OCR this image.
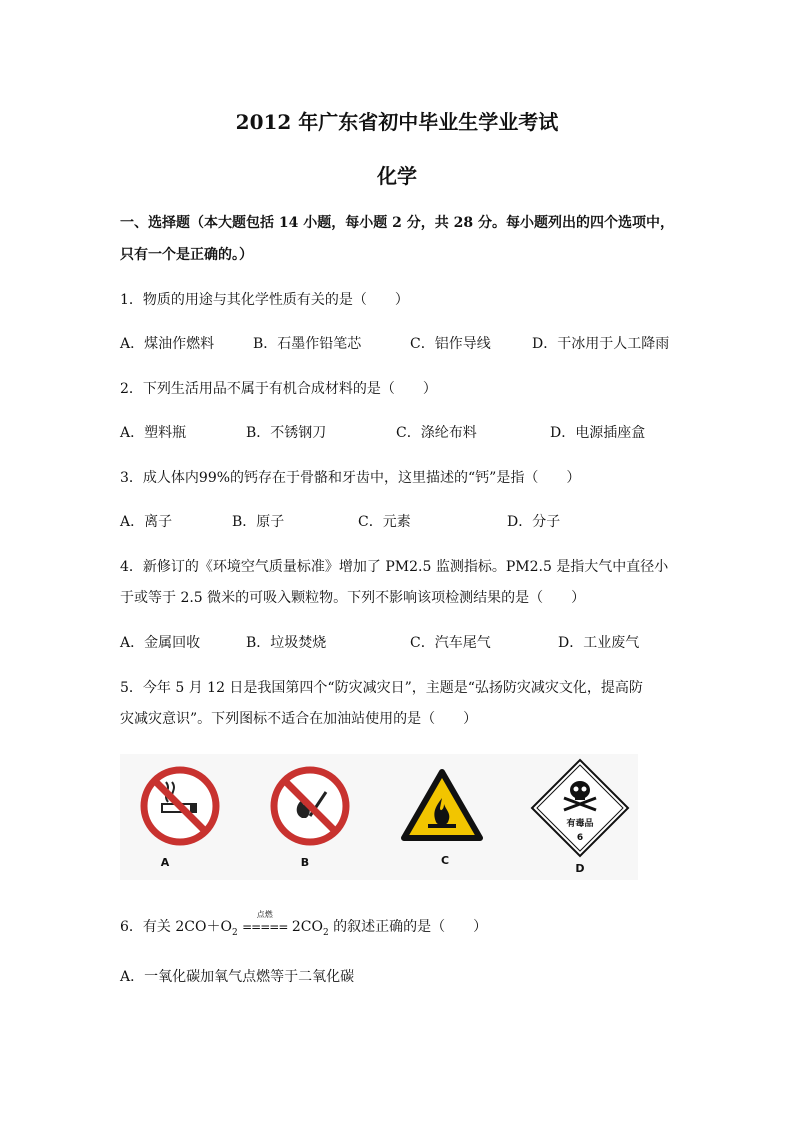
2012 年广东省初中毕业生学业考试
化学
一、选择题（本大题包括 14 小题，每小题 2 分，共 28 分。每小题列出的四个选项中，
只有一个是正确的。）
1．物质的用途与其化学性质有关的是（　　）
A．煤油作燃料	B．石墨作铅笔芯	C．铝作导线	D．干冰用于人工降雨
2．下列生活用品不属于有机合成材料的是（　　）
A．塑料瓶	B．不锈钢刀	C．涤纶布料	D．电源插座盒
3．成人体内99%的钙存在于骨骼和牙齿中，这里描述的“钙”是指（　　）
A．离子	B．原子	C．元素	D．分子
4．新修订的《环境空气质量标准》增加了 PM2.5 监测指标。PM2.5 是指大气中直径小
于或等于 2.5 微米的可吸入颗粒物。下列不影响该项检测结果的是（　　）
A．金属回收	B．垃圾焚烧	C．汽车尾气	D．工业废气
5．今年 5 月 12 日是我国第四个“防灾减灾日”，主题是“弘扬防灾减灾文化，提高防
灾减灾意识”。下列图标不适合在加油站使用的是（　　）
A	B	C
有毒品
6
D
6．有关 $2CO+O_2$
点燃
===== $2CO_2$ 的叙述正确的是（　　）
A．一氧化碳加氧气点燃等于二氧化碳
